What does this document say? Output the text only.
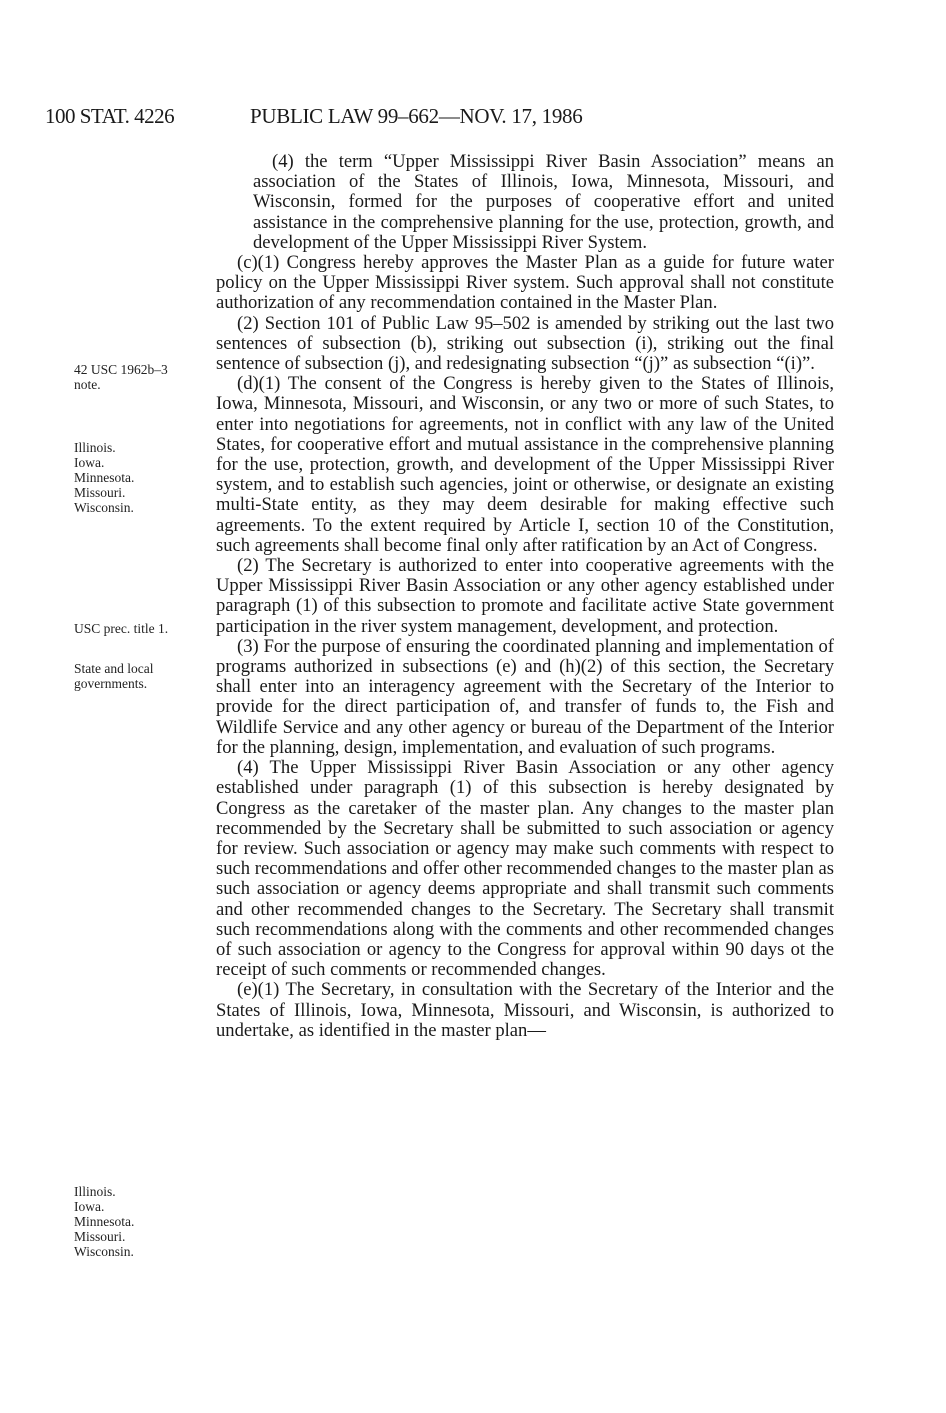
100 STAT. 4226	PUBLIC LAW 99–662—NOV. 17, 1986
42 USC 1962b–3
note.
Illinois.
Iowa.
Minnesota.
Missouri.
Wisconsin.
USC prec. title 1.
State and local
governments.
Illinois.
Iowa.
Minnesota.
Missouri.
Wisconsin.

(4) the term “Upper Mississippi River Basin Association” means an association of the States of Illinois, Iowa, Minnesota, Missouri, and Wisconsin, formed for the purposes of cooperative effort and united assistance in the comprehensive planning for the use, protection, growth, and development of the Upper Mississippi River System.

(c)(1) Congress hereby approves the Master Plan as a guide for future water policy on the Upper Mississippi River system. Such approval shall not constitute authorization of any recommendation contained in the Master Plan.

(2) Section 101 of Public Law 95–502 is amended by striking out the last two sentences of subsection (b), striking out subsection (i), striking out the final sentence of subsection (j), and redesignating subsection “(j)” as subsection “(i)”.

(d)(1) The consent of the Congress is hereby given to the States of Illinois, Iowa, Minnesota, Missouri, and Wisconsin, or any two or more of such States, to enter into negotiations for agreements, not in conflict with any law of the United States, for cooperative effort and mutual assistance in the comprehensive planning for the use, protection, growth, and development of the Upper Mississippi River system, and to establish such agencies, joint or otherwise, or designate an existing multi-State entity, as they may deem desirable for making effective such agreements. To the extent required by Article I, section 10 of the Constitution, such agreements shall become final only after ratification by an Act of Congress.

(2) The Secretary is authorized to enter into cooperative agreements with the Upper Mississippi River Basin Association or any other agency established under paragraph (1) of this subsection to promote and facilitate active State government participation in the river system management, development, and protection.

(3) For the purpose of ensuring the coordinated planning and implementation of programs authorized in subsections (e) and (h)(2) of this section, the Secretary shall enter into an interagency agreement with the Secretary of the Interior to provide for the direct participation of, and transfer of funds to, the Fish and Wildlife Service and any other agency or bureau of the Department of the Interior for the planning, design, implementation, and evaluation of such programs.

(4) The Upper Mississippi River Basin Association or any other agency established under paragraph (1) of this subsection is hereby designated by Congress as the caretaker of the master plan. Any changes to the master plan recommended by the Secretary shall be submitted to such association or agency for review. Such association or agency may make such comments with respect to such recommendations and offer other recommended changes to the master plan as such association or agency deems appropriate and shall transmit such comments and other recommended changes to the Secretary. The Secretary shall transmit such recommendations along with the comments and other recommended changes of such association or agency to the Congress for approval within 90 days ot the receipt of such comments or recommended changes.

(e)(1) The Secretary, in consultation with the Secretary of the Interior and the States of Illinois, Iowa, Minnesota, Missouri, and Wisconsin, is authorized to undertake, as identified in the master plan—
